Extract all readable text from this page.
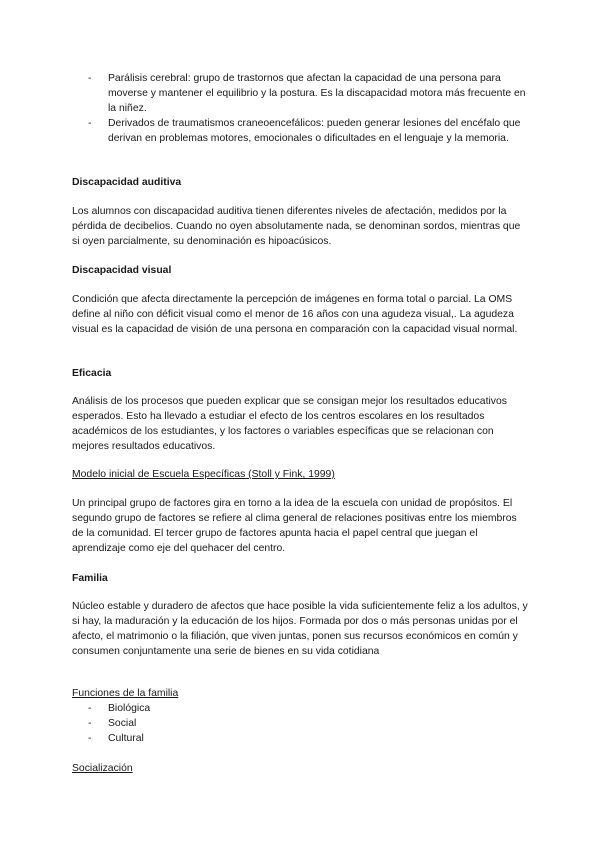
- Parálisis cerebral: grupo de trastornos que afectan la capacidad de una persona para moverse y mantener el equilibrio y la postura. Es la discapacidad motora más frecuente en la niñez.
- Derivados de traumatismos craneoencefálicos: pueden generar lesiones del encéfalo que derivan en problemas motores, emocionales o dificultades en el lenguaje y la memoria.
Discapacidad auditiva
Los alumnos con discapacidad auditiva tienen diferentes niveles de afectación, medidos por la pérdida de decibelios. Cuando no oyen absolutamente nada, se denominan sordos, mientras que si oyen parcialmente, su denominación es hipoacúsicos.
Discapacidad visual
Condición que afecta directamente la percepción de imágenes en forma total o parcial. La OMS define al niño con déficit visual como el menor de 16 años con una agudeza visual,. La agudeza visual es la capacidad de visión de una persona en comparación con la capacidad visual normal.
Eficacia
Análisis de los procesos que pueden explicar que se consigan mejor los resultados educativos esperados. Esto ha llevado a estudiar el efecto de los centros escolares en los resultados académicos de los estudiantes, y los factores o variables específicas que se relacionan con mejores resultados educativos.
Modelo inicial de Escuela Específicas (Stoll y Fink, 1999)
Un principal grupo de factores gira en torno a la idea de la escuela con unidad de propósitos. El segundo grupo de factores se refiere al clima general de relaciones positivas entre los miembros de la comunidad. El tercer grupo de factores apunta hacia el papel central que juegan el aprendizaje como eje del quehacer del centro.
Familia
Núcleo estable y duradero de afectos que hace posible la vida suficientemente feliz a los adultos, y si hay, la maduración y la educación de los hijos. Formada por dos o más personas unidas por el afecto, el matrimonio o la filiación, que viven juntas, ponen sus recursos económicos en común y consumen conjuntamente una serie de bienes en su vida cotidiana
Funciones de la familia
- Biológica
- Social
- Cultural
Socialización
